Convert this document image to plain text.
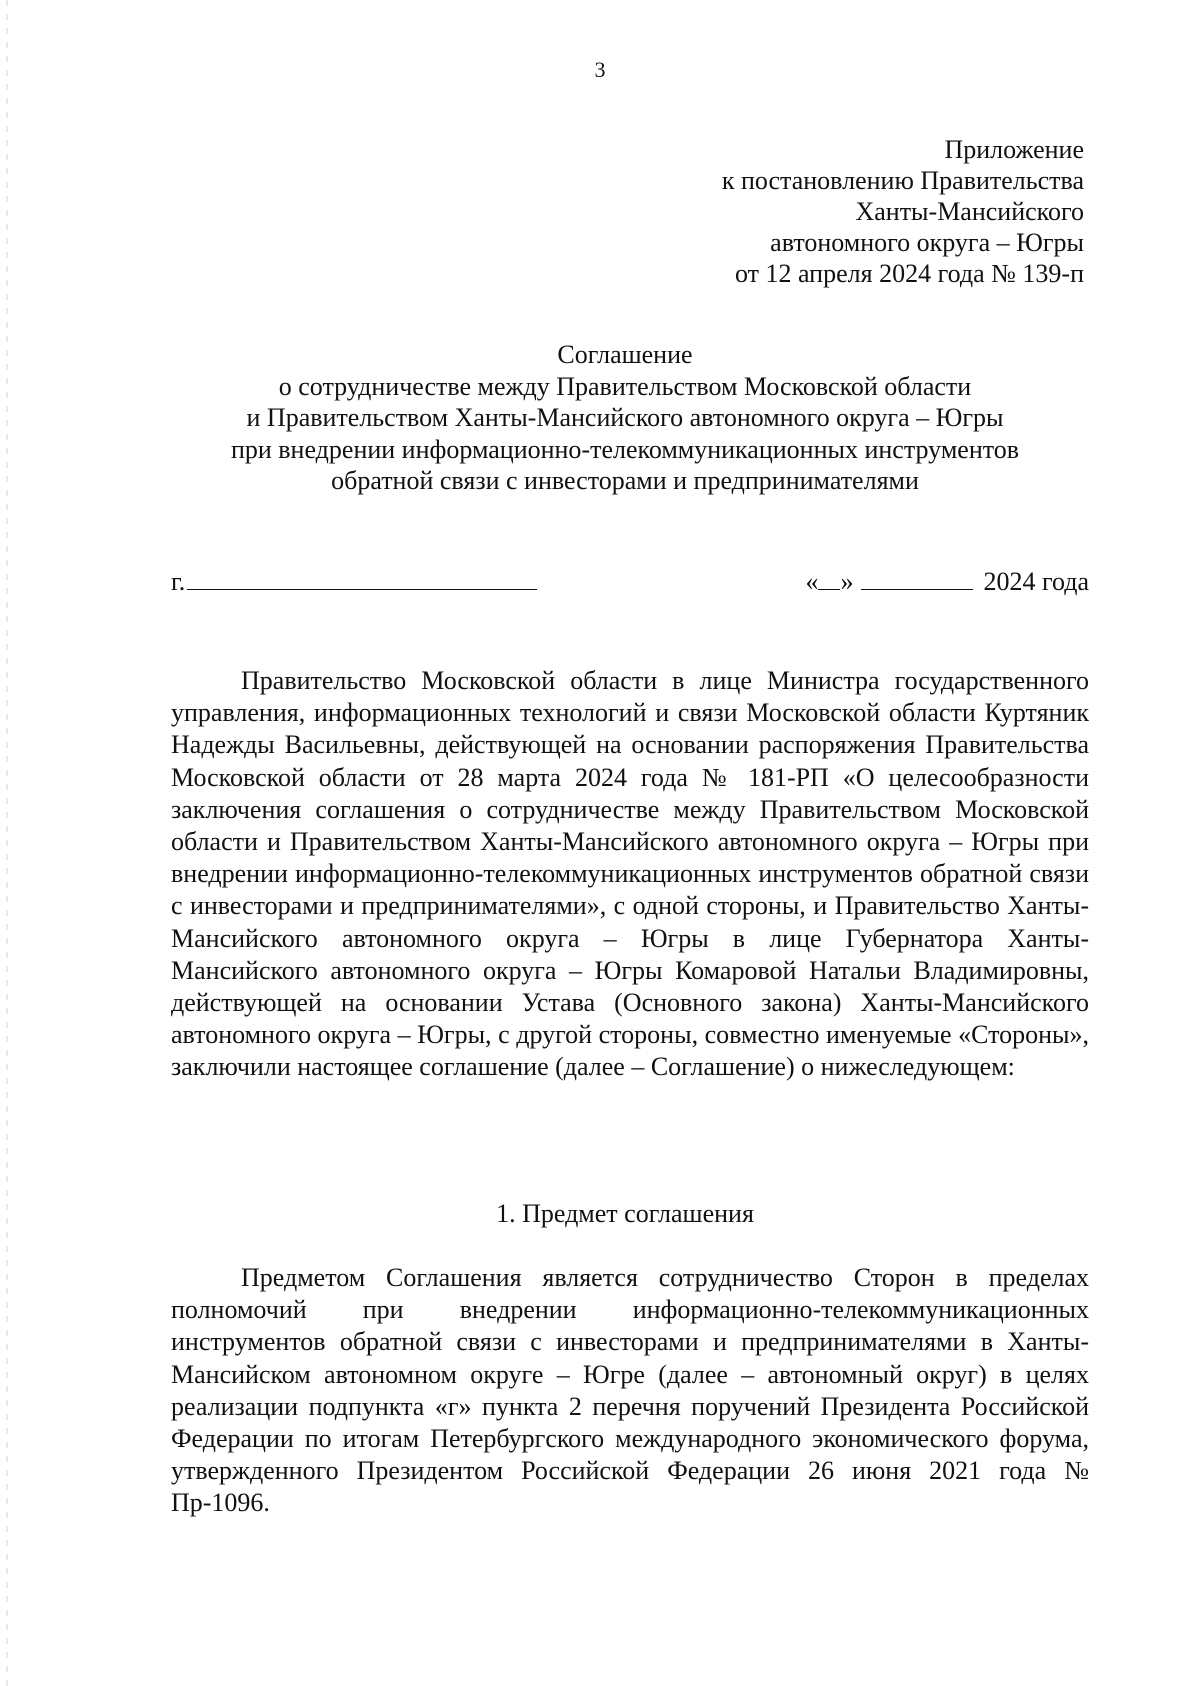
3
Приложение
к постановлению Правительства
Ханты-Мансийского
автономного округа – Югры
от 12 апреля 2024 года № 139-п
Соглашение
о сотрудничестве между Правительством Московской области
и Правительством Ханты-Мансийского автономного округа – Югры
при внедрении информационно-телекоммуникационных инструментов
обратной связи с инвесторами и предпринимателями
г.	« »	2024 года

Правительство Московской области в лице Министра государственного управления, информационных технологий и связи Московской области Куртяник Надежды Васильевны, действующей на основании распоряжения Правительства Московской области от 28 марта 2024 года № 181-РП «О целесообразности заключения соглашения о сотрудничестве между Правительством Московской области и Правительством Ханты-Мансийского автономного округа – Югры при внедрении информационно-телекоммуникационных инструментов обратной связи с инвесторами и предпринимателями», с одной стороны, и Правительство Ханты-Мансийского автономного округа – Югры в лице Губернатора Ханты-Мансийского автономного округа – Югры Комаровой Натальи Владимировны, действующей на основании Устава (Основного закона) Ханты-Мансийского автономного округа – Югры, с другой стороны, совместно именуемые «Стороны», заключили настоящее соглашение (далее – Соглашение) о нижеследующем:

1. Предмет соглашения

Предметом Соглашения является сотрудничество Сторон в пределах полномочий при внедрении информационно-телекоммуникационных инструментов обратной связи с инвесторами и предпринимателями в Ханты-Мансийском автономном округе – Югре (далее – автономный округ) в целях реализации подпункта «г» пункта 2 перечня поручений Президента Российской Федерации по итогам Петербургского международного экономического форума, утвержденного Президентом Российской Федерации 26 июня 2021 года № Пр-1096.
